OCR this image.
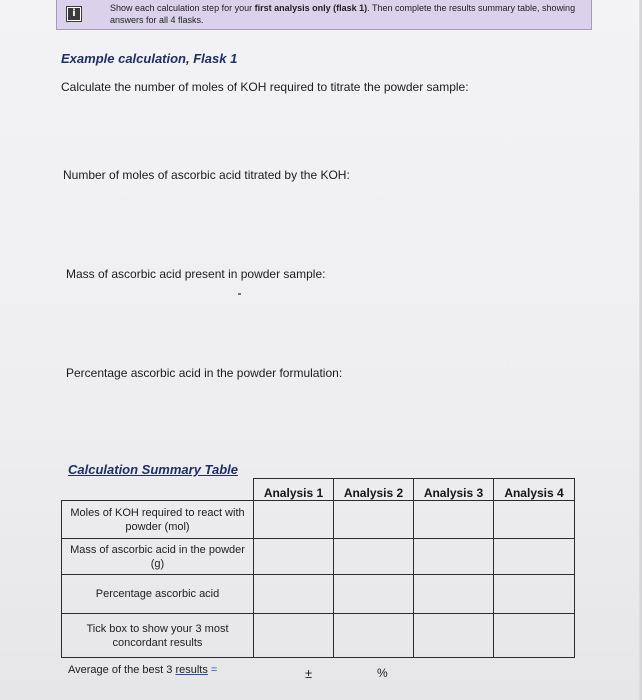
i	Show each calculation step for your first analysis only (flask 1). Then complete the results summary table, showing answers for all 4 flasks.
Example calculation, Flask 1
Calculate the number of moles of KOH required to titrate the powder sample:
Number of moles of ascorbic acid titrated by the KOH:
Mass of ascorbic acid present in powder sample:
Percentage ascorbic acid in the powder formulation:
Calculation Summary Table
	Analysis 1	Analysis 2	Analysis 3	Analysis 4
Moles of KOH required to react with powder (mol)				
Mass of ascorbic acid in the powder (g)				
Percentage ascorbic acid				
Tick box to show your 3 most concordant results				
Average of the best 3 results =	±	%
